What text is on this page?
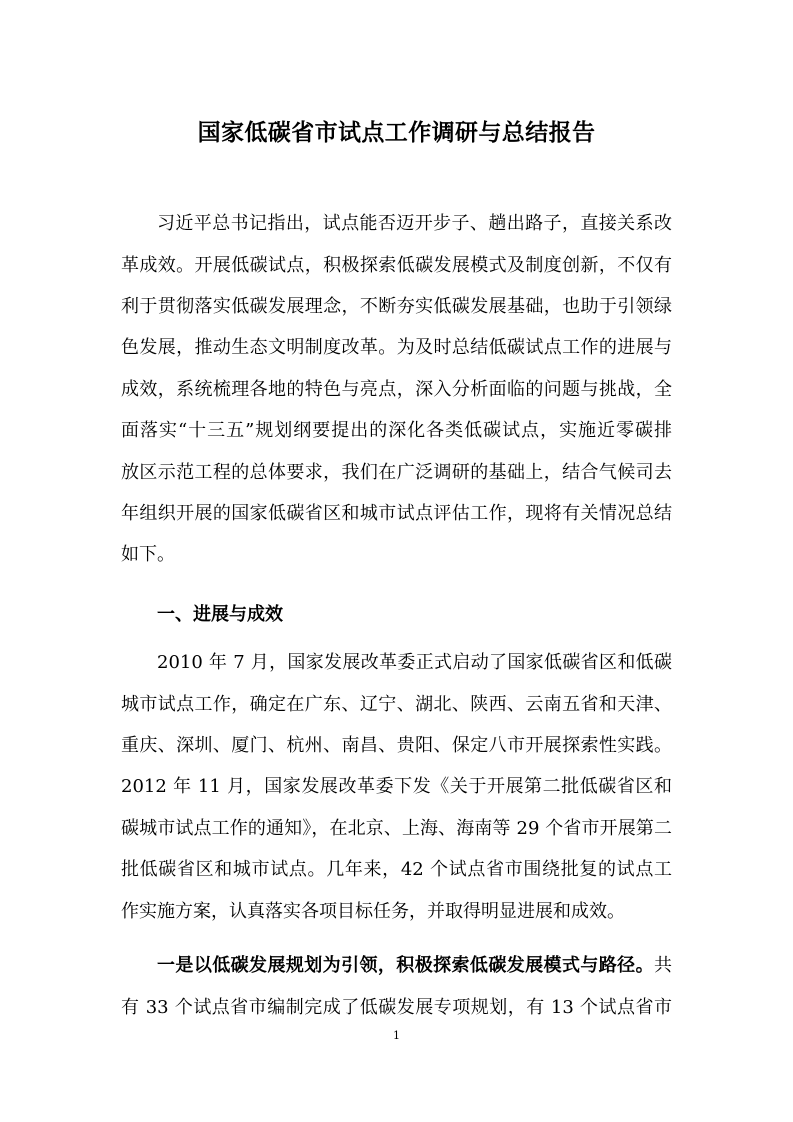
国家低碳省市试点工作调研与总结报告
习近平总书记指出，试点能否迈开步子、趟出路子，直接关系改
革成效。开展低碳试点，积极探索低碳发展模式及制度创新，不仅有
利于贯彻落实低碳发展理念，不断夯实低碳发展基础，也助于引领绿
色发展，推动生态文明制度改革。为及时总结低碳试点工作的进展与
成效，系统梳理各地的特色与亮点，深入分析面临的问题与挑战，全
面落实“十三五”规划纲要提出的深化各类低碳试点，实施近零碳排
放区示范工程的总体要求，我们在广泛调研的基础上，结合气候司去
年组织开展的国家低碳省区和城市试点评估工作，现将有关情况总结
如下。
一、进展与成效
2010 年 7 月，国家发展改革委正式启动了国家低碳省区和低碳
城市试点工作，确定在广东、辽宁、湖北、陕西、云南五省和天津、
重庆、深圳、厦门、杭州、南昌、贵阳、保定八市开展探索性实践。
2012 年 11 月，国家发展改革委下发《关于开展第二批低碳省区和
碳城市试点工作的通知》，在北京、上海、海南等 29 个省市开展第二
批低碳省区和城市试点。几年来，42 个试点省市围绕批复的试点工
作实施方案，认真落实各项目标任务，并取得明显进展和成效。
一是以低碳发展规划为引领，积极探索低碳发展模式与路径。共
有 33 个试点省市编制完成了低碳发展专项规划，有 13 个试点省市
1
